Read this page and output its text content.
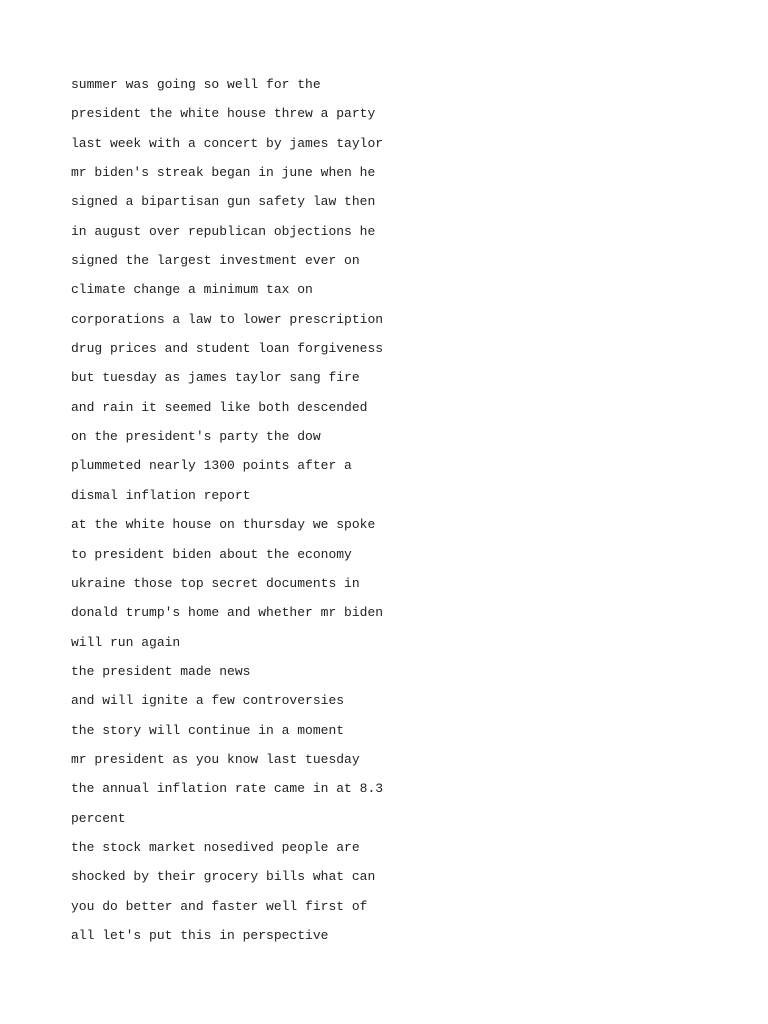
summer was going so well for the

president the white house threw a party

last week with a concert by james taylor

mr biden's streak began in june when he

signed a bipartisan gun safety law then

in august over republican objections he

signed the largest investment ever on

climate change a minimum tax on

corporations a law to lower prescription

drug prices and student loan forgiveness

but tuesday as james taylor sang fire

and rain it seemed like both descended

on the president's party the dow

plummeted nearly 1300 points after a

dismal inflation report

at the white house on thursday we spoke

to president biden about the economy

ukraine those top secret documents in

donald trump's home and whether mr biden

will run again

the president made news

and will ignite a few controversies

the story will continue in a moment

mr president as you know last tuesday

the annual inflation rate came in at 8.3

percent

the stock market nosedived people are

shocked by their grocery bills what can

you do better and faster well first of

all let's put this in perspective
